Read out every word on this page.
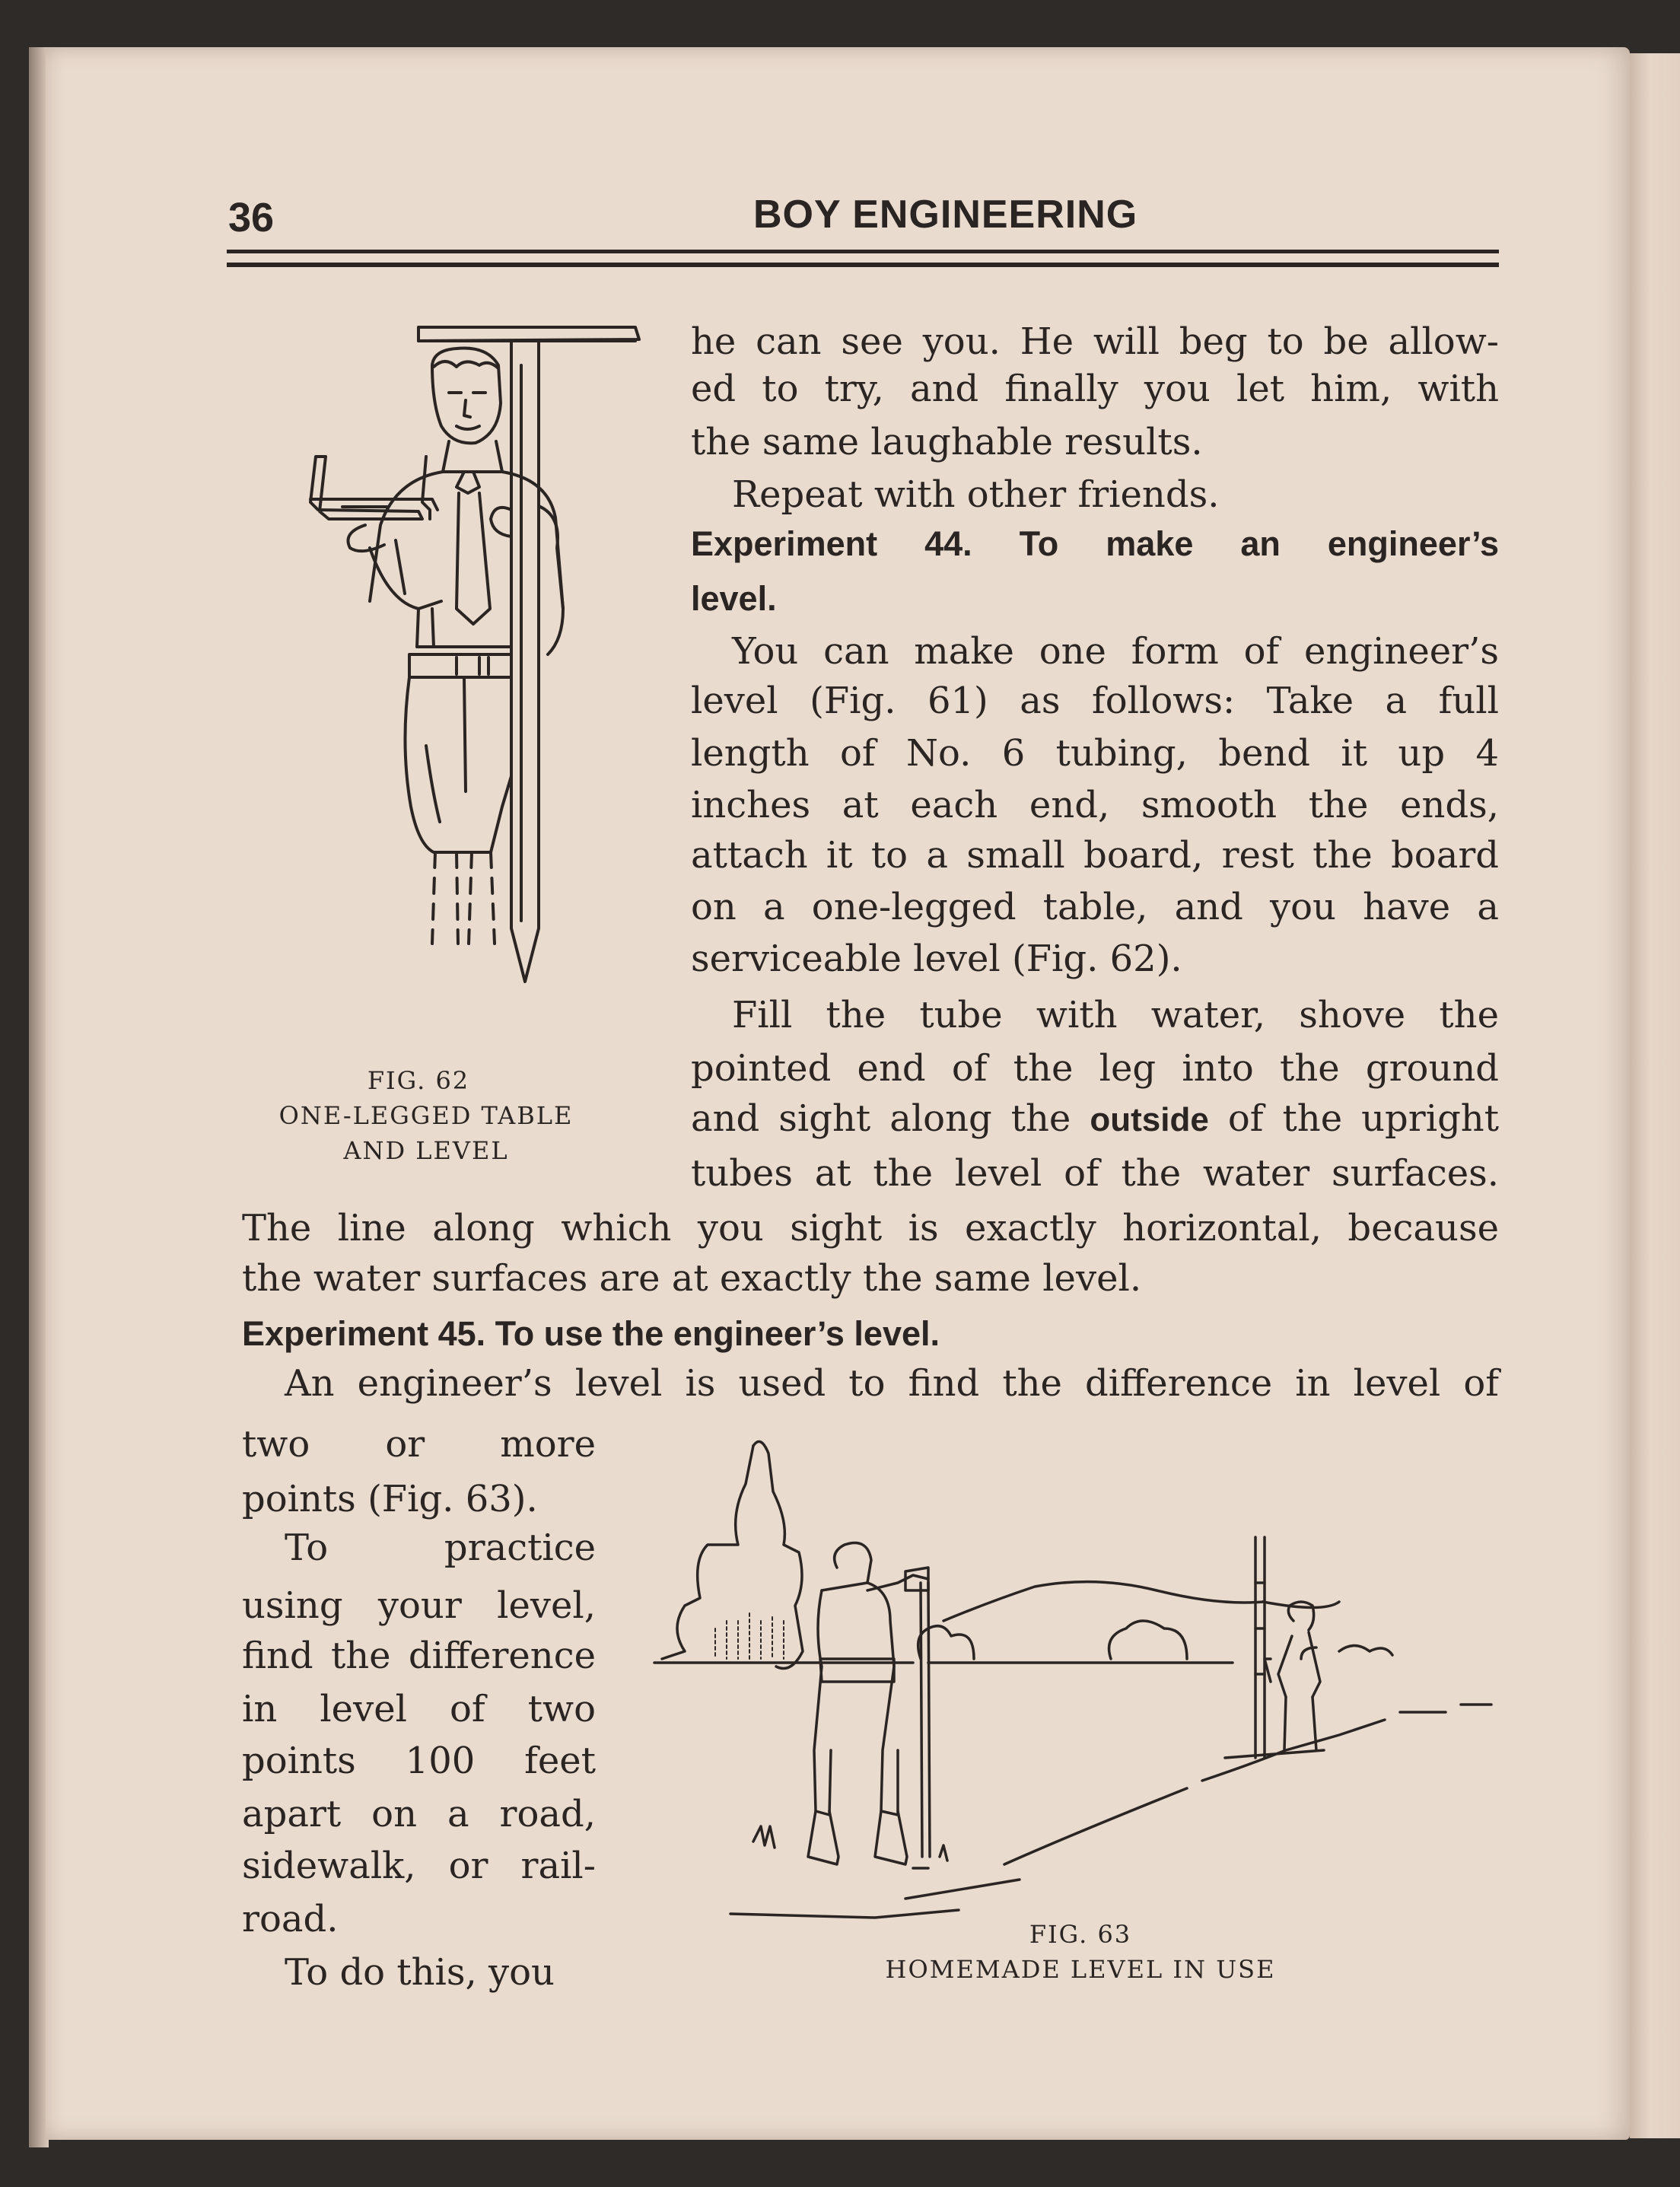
36	BOY ENGINEERING
FIG. 62
ONE-LEGGED TABLE
AND LEVEL
he can see you. He will beg to be allow-
ed to try, and finally you let him, with
the same laughable results.
Repeat with other friends.
Experiment 44. To make an engineer’s
level.
You can make one form of engineer’s
level (Fig. 61) as follows: Take a full
length of No. 6 tubing, bend it up 4
inches at each end, smooth the ends,
attach it to a small board, rest the board
on a one-legged table, and you have a
serviceable level (Fig. 62).
Fill the tube with water, shove the
pointed end of the leg into the ground
and sight along the outside of the upright
tubes at the level of the water surfaces.
The line along which you sight is exactly horizontal, because
the water surfaces are at exactly the same level.
Experiment 45. To use the engineer’s level.
An engineer’s level is used to find the difference in level of
two or more
points (Fig. 63).
To practice
using your level,
find the difference
in level of two
points 100 feet
apart on a road,
sidewalk, or rail-
road.
To do this, you
FIG. 63
HOMEMADE LEVEL IN USE
